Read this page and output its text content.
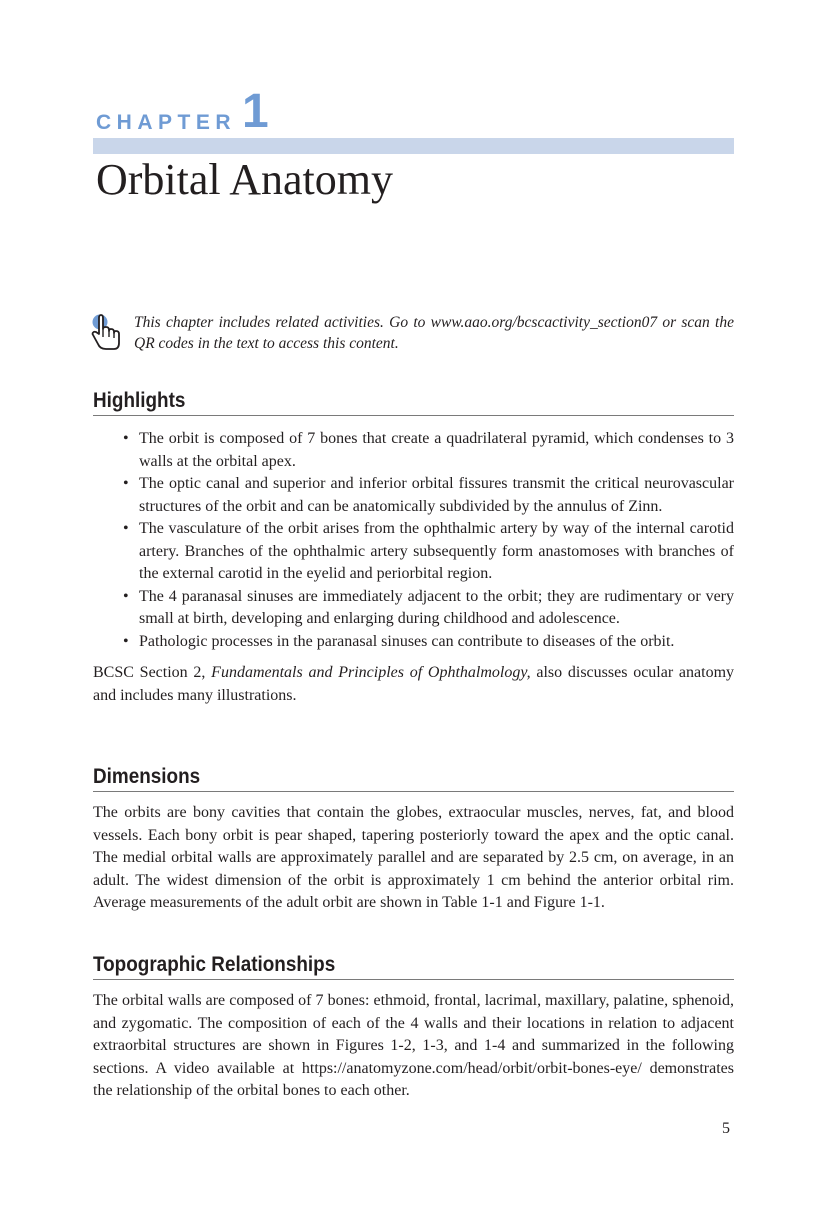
CHAPTER 1
Orbital Anatomy

This chapter includes related activities. Go to www.aao.org/bcscactivity_section07 or scan the QR codes in the text to access this content.

Highlights
• The orbit is composed of 7 bones that create a quadrilateral pyramid, which condenses to 3 walls at the orbital apex.
• The optic canal and superior and inferior orbital fissures transmit the critical neurovascular structures of the orbit and can be anatomically subdivided by the annulus of Zinn.
• The vasculature of the orbit arises from the ophthalmic artery by way of the internal carotid artery. Branches of the ophthalmic artery subsequently form anastomoses with branches of the external carotid in the eyelid and periorbital region.
• The 4 paranasal sinuses are immediately adjacent to the orbit; they are rudimentary or very small at birth, developing and enlarging during childhood and adolescence.
• Pathologic processes in the paranasal sinuses can contribute to diseases of the orbit.

BCSC Section 2, Fundamentals and Principles of Ophthalmology, also discusses ocular anatomy and includes many illustrations.

Dimensions

The orbits are bony cavities that contain the globes, extraocular muscles, nerves, fat, and blood vessels. Each bony orbit is pear shaped, tapering posteriorly toward the apex and the optic canal. The medial orbital walls are approximately parallel and are separated by 2.5 cm, on average, in an adult. The widest dimension of the orbit is approximately 1 cm behind the anterior orbital rim. Average measurements of the adult orbit are shown in Table 1-1 and Figure 1-1.

Topographic Relationships

The orbital walls are composed of 7 bones: ethmoid, frontal, lacrimal, maxillary, palatine, sphenoid, and zygomatic. The composition of each of the 4 walls and their locations in relation to adjacent extraorbital structures are shown in Figures 1-2, 1-3, and 1-4 and summarized in the following sections. A video available at https://anatomyzone.com/head/orbit/orbit-bones-eye/ demonstrates the relationship of the orbital bones to each other.

5
